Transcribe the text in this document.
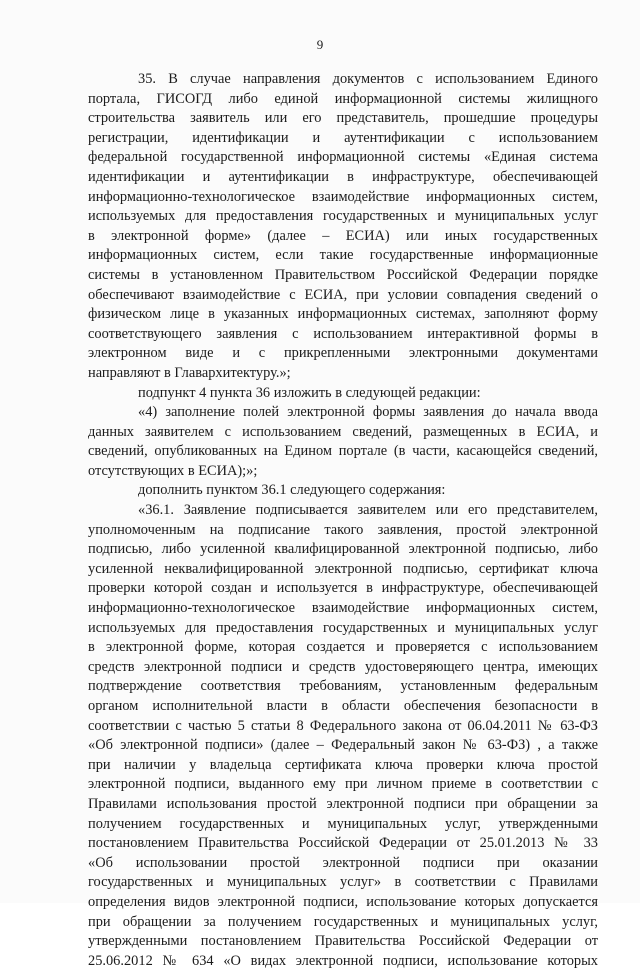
9
35. В случае направления документов с использованием Единого
портала, ГИСОГД либо единой информационной системы жилищного
строительства заявитель или его представитель, прошедшие процедуры
регистрации, идентификации и аутентификации с использованием
федеральной государственной информационной системы «Единая система
идентификации и аутентификации в инфраструктуре, обеспечивающей
информационно-технологическое взаимодействие информационных систем,
используемых для предоставления государственных и муниципальных услуг
в электронной форме» (далее – ЕСИА) или иных государственных
информационных систем, если такие государственные информационные
системы в установленном Правительством Российской Федерации порядке
обеспечивают взаимодействие с ЕСИА, при условии совпадения сведений о
физическом лице в указанных информационных системах, заполняют форму
соответствующего заявления с использованием интерактивной формы в
электронном виде и с прикрепленными электронными документами
направляют в Главархитектуру.»;
подпункт 4 пункта 36 изложить в следующей редакции:
«4) заполнение полей электронной формы заявления до начала ввода
данных заявителем с использованием сведений, размещенных в ЕСИА, и
сведений, опубликованных на Едином портале (в части, касающейся сведений,
отсутствующих в ЕСИА);»;
дополнить пунктом 36.1 следующего содержания:
«36.1. Заявление подписывается заявителем или его представителем,
уполномоченным на подписание такого заявления, простой электронной
подписью, либо усиленной квалифицированной электронной подписью, либо
усиленной неквалифицированной электронной подписью, сертификат ключа
проверки которой создан и используется в инфраструктуре, обеспечивающей
информационно-технологическое взаимодействие информационных систем,
используемых для предоставления государственных и муниципальных услуг
в электронной форме, которая создается и проверяется с использованием
средств электронной подписи и средств удостоверяющего центра, имеющих
подтверждение соответствия требованиям, установленным федеральным
органом исполнительной власти в области обеспечения безопасности в
соответствии с частью 5 статьи 8 Федерального закона от 06.04.2011 № 63-ФЗ
«Об электронной подписи» (далее – Федеральный закон № 63-ФЗ) , а также
при наличии у владельца сертификата ключа проверки ключа простой
электронной подписи, выданного ему при личном приеме в соответствии с
Правилами использования простой электронной подписи при обращении за
получением государственных и муниципальных услуг, утвержденными
постановлением Правительства Российской Федерации от 25.01.2013 № 33
«Об использовании простой электронной подписи при оказании
государственных и муниципальных услуг» в соответствии с Правилами
определения видов электронной подписи, использование которых допускается
при обращении за получением государственных и муниципальных услуг,
утвержденными постановлением Правительства Российской Федерации от
25.06.2012 № 634 «О видах электронной подписи, использование которых
